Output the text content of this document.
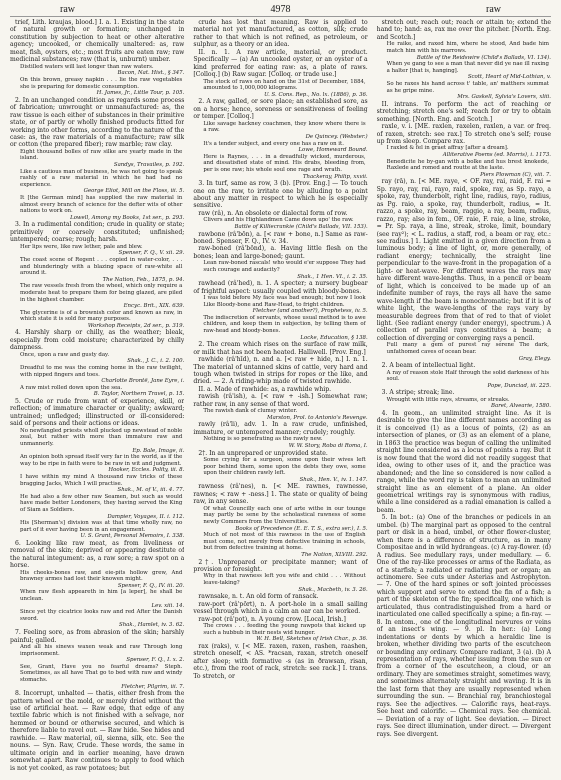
raw	4978	raw

trief, Lith. kraujas, blood.] I. a. 1. Existing in the state of natural growth or formation; unchanged in constitution by subjection to heat or other alterative agency; uncooked, or chemically unaltered: as, raw meat, fish, oysters, etc.; most fruits are eaten raw; raw medicinal substances; raw (that is, unburnt) umber.

Distilled waters will last longer than raw waters.

Bacon, Nat. Hist., § 347.

On this brown, greasy napkin . . . lie the raw vegetables she is preparing for domestic consumption.

H. James, Jr., Little Tour, p. 105.

2. In an unchanged condition as regards some process of fabrication; unwrought or unmanufactured: as, the raw tissue is each either of substances in their primitive state, or of partly or wholly finished products fitted for working into other forms, according to the nature of the case: as, the raw materials of a manufacture; raw silk or cotton (the prepared fiber); raw marble; raw clay.

Eight thousand bolles of raw silke are yearly made in the island.

Sandys, Travailes, p. 192.

Like a cautious man of business, he was not going to speak rashly of a raw material in which he had had no experience.

George Eliot, Mill on the Floss, iii. 5.

It [the German mind] has supplied the raw material in almost every branch of science for the defter wits of other nations to work on.

Lowell, Among my Books, 1st ser., p. 293.

3. In a rudimental condition; crude in quality or state; primitively or coarsely constituted; unfinished; untempered; coarse; rough; harsh.

Her lips were, like raw lether, pale and blew.

Spenser, F. Q., V. xii. 29.

The coast scene of Regent . . . copied in water-color, . . . and blunderingly with a blazing space of raw-white all around it.

The Nation, Feb., 1875, p. 94.

The raw vessels fresh from the wheel, which only require a moderate heat to prepare them for being glazed, are piled in the highest chamber.

Encyc. Brit., XIX. 639.

The glycerine is of a brownish color and known as raw, in which state it is sold for many purposes.

Workshop Receipts, 2d ser., p. 319.

4. Harshly sharp or chilly, as the weather; bleak, especially from cold moisture; characterized by chilly dampness.

Once, upon a raw and gusty day.

Shak., J. C., i. 2. 100.

Dreadful to me was the coming home in the raw twilight, with nipped fingers and toes.

Charlotte Brontë, Jane Eyre, i.

A raw mist rolled down upon the sea.

B. Taylor, Northern Travel, p. 15.

5. Crude or rude from want of experience, skill, or reflection; of immature character or quality; awkward; untrained; unfledged; illinstructed or ill-considered: said of persons and their actions or ideas.

No newfangled priests wholl plucked up newstead of noble zeal, but rather with more than immature raw and unmannerly.

Ep. Bale, Image, ii.

An opinion both spread itself very far in the world, as if the way to be ripe in faith were to be raw in wit and judgment.

Hooker, Eccles. Polity, iii. 8.

I have within my mind A thousand raw tricks of these bragging Jacks, Which I will practise.

Shak., M. of V., iii. 4. 77.

He had also a few other raw Seamen, but such as would have made better Londoners, they having served the King of Siam as Soldiers.

Dampier, Voyages, II. i. 112.

His [Sherman's] division was at that time wholly raw, no part of it ever having been in an engagement.

U. S. Grant, Personal Memoirs, I. 338.

6. Looking like raw meat, as from liveliness or removal of the skin; deprived or appearing destitute of the natural integument: as, a raw sore; a raw spot on a horse.

His cheeks-bones raw, and eie-pits hollow grew, And brawney armes had lost their knowen might.

Spenser, F. Q., IV. iii. 20.

When raw flesh appeareth in him [a leper], he shall be unclean.

Lev. xiii. 14.

Since yet thy cicatrice looks raw and red After the Danish sword.

Shak., Hamlet, iv. 3. 62.

7. Feeling sore, as from abrasion of the skin; harshly painful; galled.

And all his sinews waxen weak and raw Through long imprisonment.

Spenser, F. Q., I. x. 2.

See, Grant, Have you no fearful dreams? Steph. Sometimes, as all have That go to bed with raw and windy stomachs.

Fletcher, Pilgrim, iii. 7.

8. Incorrupt, unhalted — thatis, either fresh from the pattern wheel or the mold, or merely dried without the use of artificial heat. — Raw edge, that edge of any textile fabric which is not finished with a selvage, nor hemmed or bound or otherwise secured, and which is therefore liable to ravel out. — Raw hide. See hides and rawhide. — Raw material, oil, sienna, silk, etc. See the nouns. — Syn. Raw, Crude. These words, the same in ultimate origin and in earlier meaning, have drawn somewhat apart. Raw continues to apply to food which is not yet cooked, as raw potatoes; but

crude has lost that meaning. Raw is applied to material not yet manufactured, as cotton, silk; crude rather to that which is not refined, as petroleum, or sulphur, as a theory or an idea.

II. n. 1. A raw article, material, or product. Specifically — (a) An uncooked oyster, or an oyster of a kind preferred for eating raw: as, a plate of raws. [Colloq.] (b) Raw sugar. [Colloq. or trade use.]

The stock of raws on hand on the 31st of December, 1884, amounted to 1,000,000 kilograms.

U. S. Cons. Rep., No. lx. (1886), p. 36.

2. A raw, galled, or sore place; an established sore, as on a horse; hence, soreness or sensitiveness of feeling or temper. [Colloq.]

Like savage hackney coachmen, they know where there is a raw.

De Quincey. (Webster.)

It's a tender subject, and every one has a raw on it.

Lowe, Homeward Bound.

Here is Raynes, . . . in a dreadfully wicked, murderous, and dissatisfied state of mind. His drabs, bleeding from, per is one raw; his whole soul one rage and wrath.

Thackeray, Philip, xxvii.

3. In turf, same as row, 3 (b). [Prov. Eng.] — To touch one on the raw, to irritate one by alluding to a point about any matter in respect to which he is especially sensitive.

raw (râ), n. An obsolete or dialectal form of row.

Clivers and his Highlandmen Came down upo' the raw.

Battle of Killiecrankie (Child's Ballads, VII. 153).

rawbone (râ'bōn), a. [< raw + bone, n.] Same as raw-boned. Spenser, F. Q., IV. v. 34.

raw-boned (râ'bōnd), a. Having little flesh on the bones; lean and large-boned; gaunt.

Lean raw-boned rascals! who would e'er suppose They had such courage and audacity?

Shak., 1 Hen. VI., i. 2. 35.

rawhead (râ'hed), n. 1. A specter; a nursery bugbear of frightful aspect: usually coupled with bloody-bones.

I was told before My face was bad enough; but now I look Like Bloody-bone and Raw-Head, to fright children.

Fletcher (and another?), Prophetess, iv. 5.

The indiscretion of servants, whose usual method is to awe children, and keep them in subjection, by telling them of raw-head and bloody-bones.

Locke, Education, § 138.

2. The cream which rises on the surface of raw milk, or milk that has not been heated. Halliwell. [Prov. Eng.]

rawhide (râ'hīd), n. and a. [< raw + hide, n.] I. n. 1. The material of untanned skins of cattle, very hard and tough when twisted in strips for ropes or the like, and dried. — 2. A riding-whip made of twisted rawhide.

II. a. Made of rawhide: as, a rawhide whip.

rawish (râ'ish), a. [< raw + -ish.] Somewhat raw; rather raw, in any sense of that word.

The rawish dank of clumsy winter.

Marston, Prol. to Antonio's Revenge.

rawly (râ'li), adv. 1. In a raw crude, unfinished, immature, or untempered manner; crudely; roughly.

Nothing is so penetrating as the rawly new.

W. W. Story, Roba di Roma, I.

2†. In an unprepared or unprovided state.

Some crying for a surgeon, some upon their wives left poor behind them, some upon the debts they owe, some upon their children rawly left.

Shak., Hen. V., iv. 1. 147.

rawness (râ'nes), n. [< ME. rawnes, rawnesse, rawnes; < raw + -ness.] 1. The state or quality of being raw, in any sense.

Of what Councilly each one of arte withe in our tounge may partly be sene by the scholastical rawness of some newly Commers from the Universities.

Books of Precedence (E. E. T. S., extra ser.), I. 5.

Much of not most of this rawness in the use of English must come, not merely from defective training in schools, but from defective training at home.

The Nation, XLVIII. 292.

2†. Unprepared or precipitate manner; want of provision or foresight.

Why in that rawness left you wife and child . . . Without leave-taking?

Shak., Macbeth, iv. 3. 26.

rawnsake, n. t. An old form of ransack.

raw-port (râ'pōrt), n. A port-hole in a small sailing vessel through which in a calm an oar can be worked.

raw-pot (râ'pot), n. A young crow. [Local, Irish.]

The crows . . . feeding the young rawpots that kicked up such a hubbub in their nests wid hunger.

W. H. Bell, Sketches of Irish Char., p. 36.

rax (raks), v. [< ME. raxen, raxen, rashen, raashen, stretch oneself, < AS. *racsan, raxan, stretch oneself after sleep; with formative -s (as in ðrawsan, risan, etc.), from the root of rack, stretch: see rack.] I. trans. To stretch, or

stretch out; reach out; reach or attain to; extend the hand to; hand: as, rax me over the pitcher. [North. Eng. and Scotch.]

He raike, and raxed him, where he stood, And bade him match him with his marrows.

Battle of the Reidswire (Child's Ballads, VI. 134).

When ye gang to see a man that never did ye nae ill raxing a halter [that is, hanging].

Scott, Heart of Mid-Lothian, v.

So he raxes his hand across t' table, an' matthers summat as he gripe mine.

Mrs. Gaskell, Sylvia's Lovers, xliii.

II. intrans. To perform the act of reaching or stretching; stretch one's self; reach for or try to obtain something. [North. Eng. and Scotch.]

raxle, v. i. [ME. raxlen, raxelen, raxlen, a var. or freq. of raxen, stretch: see rax.] To stretch one's self; rouse up from sleep. Compare rax.

I raxled & fel in graet affray [after a dream].

Alliterative Poems (ed. Morris), i. 1173.

Benedicite he by-gan with a bolke and hus brest knokede, Raxlede and romed and routte at the laste.

Piers Plowman (C), viii. 7.

ray (rā), n. [< ME. raye, < OF. ray, rai, raid, F. rai = Sp. rayo, ray, rai, rayo, raid, spoke, ray, as Sp. rayo, a spoke, ray, thunderbolt, right line, radius, rayo, radius, as Pg. raio, a spoke, ray, thunderbolt, radius, = It. razzo, a spoke, ray, beam, raggio, a ray, beam, radius, razzo, ray; also in fem., OF. raie, F. raie, a line, stroke, = Pr. Sp. raya, a line, streak, stroke, limit, boundary (see ray²); < L. radius, a staff, rod, a beam or ray, etc.: see radius.] 1. Light emitted in a given direction from a luminous body; a line of light, or, more generally, of radiant energy; technically, the straight line perpendicular to the wave-front in the propagation of a light- or heat-wave. For different waves the rays may have different wave-lengths. Thus, in a pencil or beam of light, which is conceived to be made up of an indefinite number of rays, the rays all have the same wave-length if the beam is monochromatic; but if it is of white light, the wave-lengths of the rays vary by measurable degrees from that of red to that of violet light. (See radiant energy (under energy), spectrum.) A collection of parallel rays constitutes a beam; a collection of diverging or converging rays a pencil.

Full many a gem of purest ray serene The dark, unfathomed caves of ocean bear.

Gray, Elegy.

2. A beam of intellectual light.

A ray of reason stole Half through the solid darkness of his soul.

Pope, Dunciad, iii. 225.

3. A stripe; streak; line.

Wrought with little rays, streams, or streaks.

Baret, Alvearie, 1580.

4. In geom., an unlimited straight line. As it is desirable to give the line different names according as it is conceived (1) as a locus of points, (2) as an intersection of planes, or (3) as an element of a plane, in 1863 the practice was begun of calling the unlimited straight line considered as a locus of points a ray. But it is now found that the word did not readily suggest that idea, owing to other uses of it, and the practice was abandoned; and the line so considered is now called a range, while the word ray is taken to mean an unlimited straight line as an element of a plane. An older geometrical writings ray is synonymous with radius, while a line considered as a radial emanation is called a beam.

5. In bot.: (a) One of the branches or pedicels in an umbel. (b) The marginal part as opposed to the central part or disk in a head, umbel, or other flower-cluster, when there is a difference of structure, as in many Compositae and in wild hydrangeas. (c) A ray-flower. (d) A radius. See medullary rays, under medullary. — 6. One of the ray-like processes or arms of the Radiata, as of a starfish; a radiated or radiating part or organ; an actinomere. See cuts under Asterias and Astrophyton. — 7. One of the hard spines or soft jointed processes which support and serve to extend the fin of a fish; a part of the skeleton of the fin; specifically, one which is articulated, thus contradistinguished from a hard or inarticulated one called specifically a spine; a fin-ray. — 8. In entom., one of the longitudinal nervures or veins of an insect's wing. — 9. pl. In her.: (a) Long indentations or dents by which a heraldic line is broken, whether dividing two parts of the escutcheon or bounding any ordinary. Compare radiant, 3 (a). (b) A representation of rays, whether issuing from the sun or from a corner of the escutcheon, a cloud, or an ordinary. They are sometimes straight, sometimes wavy, and sometimes alternately straight and waving. It is in the last form that they are usually represented when surrounding the sun. — Branchial ray, branchiostegal rays. See the adjectives. — Calorific rays, heat-rays. See heat and calorific. — Chemical rays. See chemical. — Deviation of a ray of light. See deviation. — Direct rays. See direct illumination, under direct. — Divergent rays. See divergent.
